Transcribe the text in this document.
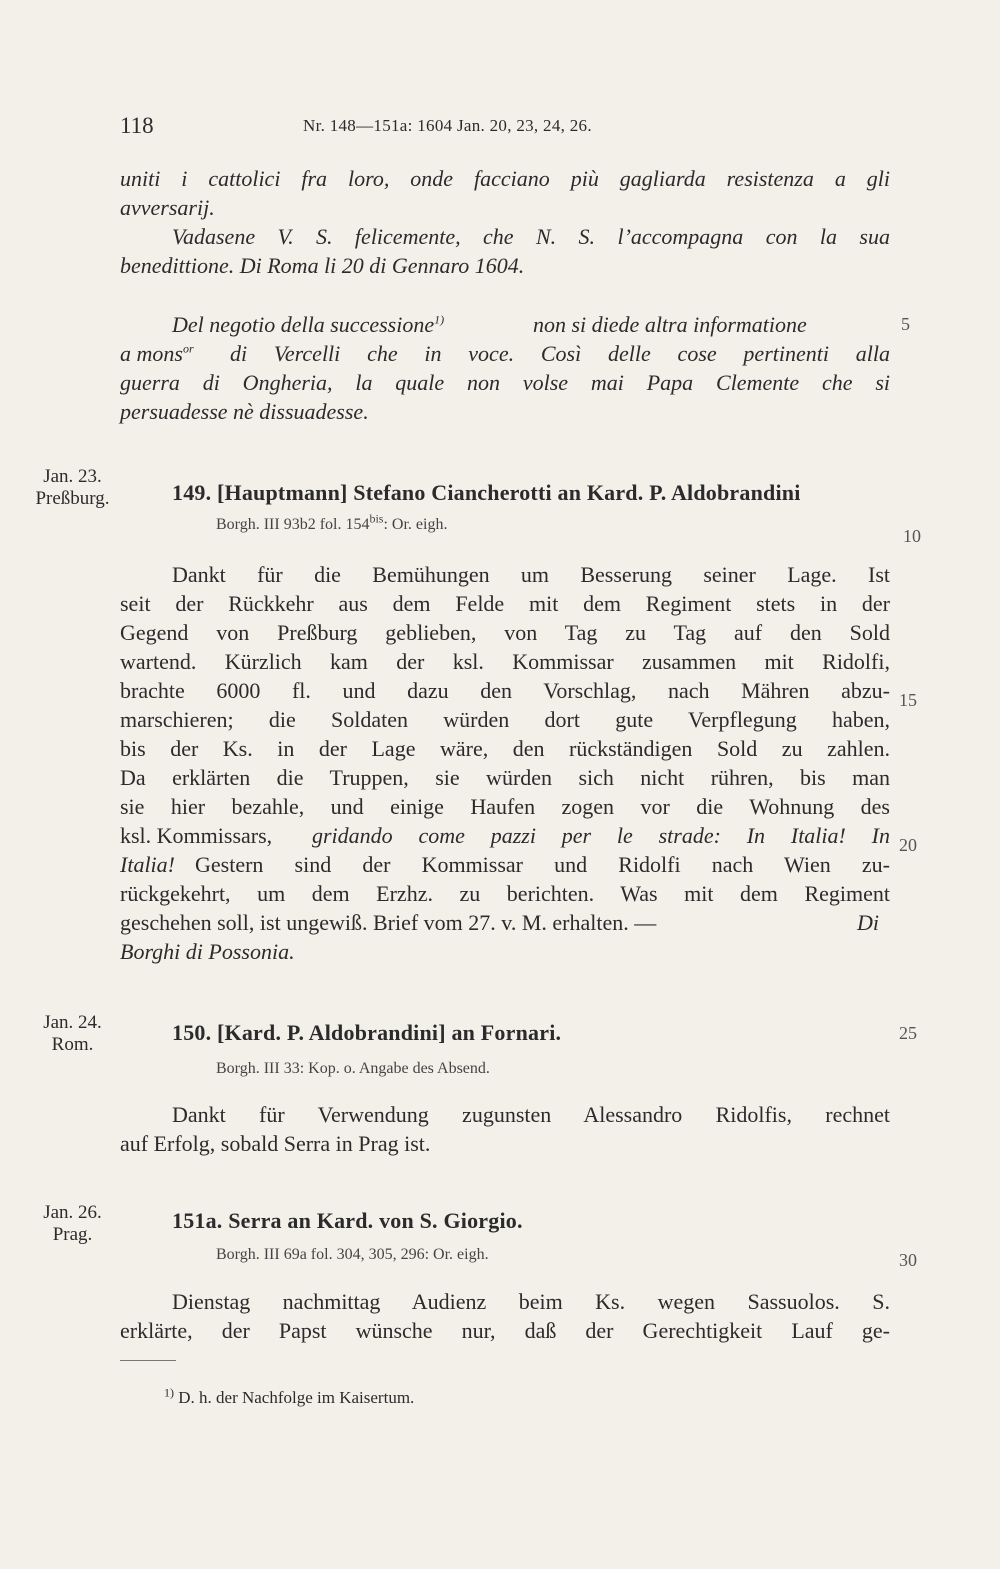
118	Nr. 148—151a: 1604 Jan. 20, 23, 24, 26.
uniti i cattolici fra loro, onde facciano più gagliarda resistenza a gli
avversarij.
Vadasene V. S. felicemente, che N. S. l’accompagna con la sua
benedittione. Di Roma li 20 di Gennaro 1604.
Del negotio della successione$^{1)}$	non si diede altra informatione
a mons$^{or}$ di Vercelli che in voce. Così delle cose pertinenti alla
guerra di Ongheria, la quale non volse mai Papa Clemente che si
persuadesse nè dissuadesse.
5
10
15
20
25
30
Jan. 23.
Preßburg.	149. [Hauptmann] Stefano Ciancherotti an Kard. P. Aldobrandini
Borgh. III 93b2 fol. $154^{bis}$: Or. eigh.
Dankt für die Bemühungen um Besserung seiner Lage. Ist
seit der Rückkehr aus dem Felde mit dem Regiment stets in der
Gegend von Preßburg geblieben, von Tag zu Tag auf den Sold
wartend. Kürzlich kam der ksl. Kommissar zusammen mit Ridolfi,
brachte 6000 fl. und dazu den Vorschlag, nach Mähren abzu-
marschieren; die Soldaten würden dort gute Verpflegung haben,
bis der Ks. in der Lage wäre, den rückständigen Sold zu zahlen.
Da erklärten die Truppen, sie würden sich nicht rühren, bis man
sie hier bezahle, und einige Haufen zogen vor die Wohnung des
ksl. Kommissars, gridando come pazzi per le strade: In Italia! In
Italia! Gestern sind der Kommissar und Ridolfi nach Wien zu-
rückgekehrt, um dem Erzhz. zu berichten. Was mit dem Regiment
geschehen soll, ist ungewiß. Brief vom 27. v. M. erhalten. —	Di
Borghi di Possonia.
Jan. 24.
Rom.	150. [Kard. P. Aldobrandini] an Fornari.
Borgh. III 33: Kop. o. Angabe des Absend.
Dankt für Verwendung zugunsten Alessandro Ridolfis, rechnet
auf Erfolg, sobald Serra in Prag ist.
Jan. 26.
Prag.
151a. Serra an Kard. von S. Giorgio.
Borgh. III 69a fol. 304, 305, 296: Or. eigh.
Dienstag nachmittag Audienz beim Ks. wegen Sassuolos. S.
erklärte, der Papst wünsche nur, daß der Gerechtigkeit Lauf ge-
$^{1)}$ D. h. der Nachfolge im Kaisertum.
